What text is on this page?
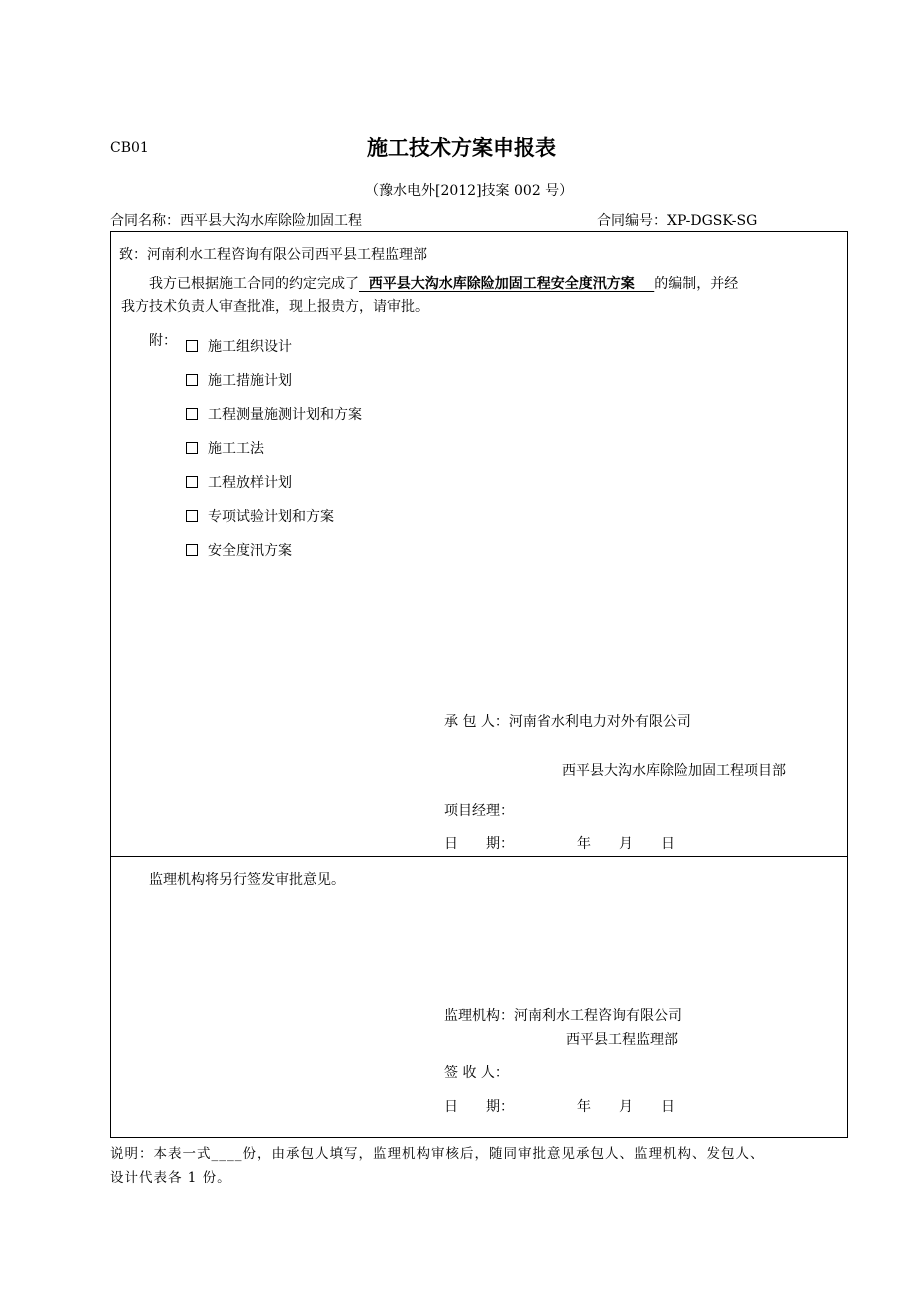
CB01	施工技术方案申报表
（豫水电外[2012]技案 002 号）
合同名称：西平县大沟水库除险加固工程	合同编号：XP-DGSK-SG
致：河南利水工程咨询有限公司西平县工程监理部
我方已根据施工合同的约定完成了  西平县大沟水库除险加固工程安全度汛方案    的编制，并经
我方技术负责人审查批准，现上报贵方，请审批。
附：	施工组织设计
施工措施计划
工程测量施测计划和方案
施工工法
工程放样计划
专项试验计划和方案
安全度汛方案
承 包 人：河南省水利电力对外有限公司
西平县大沟水库除险加固工程项目部
项目经理：
日　　期：　　　　　年　　月　　日
监理机构将另行签发审批意见。
监理机构：河南利水工程咨询有限公司
西平县工程监理部
签 收 人：
日　　期：　　　　　年　　月　　日
说明：本表一式____份，由承包人填写，监理机构审核后，随同审批意见承包人、监理机构、发包人、
设计代表各 1 份。
